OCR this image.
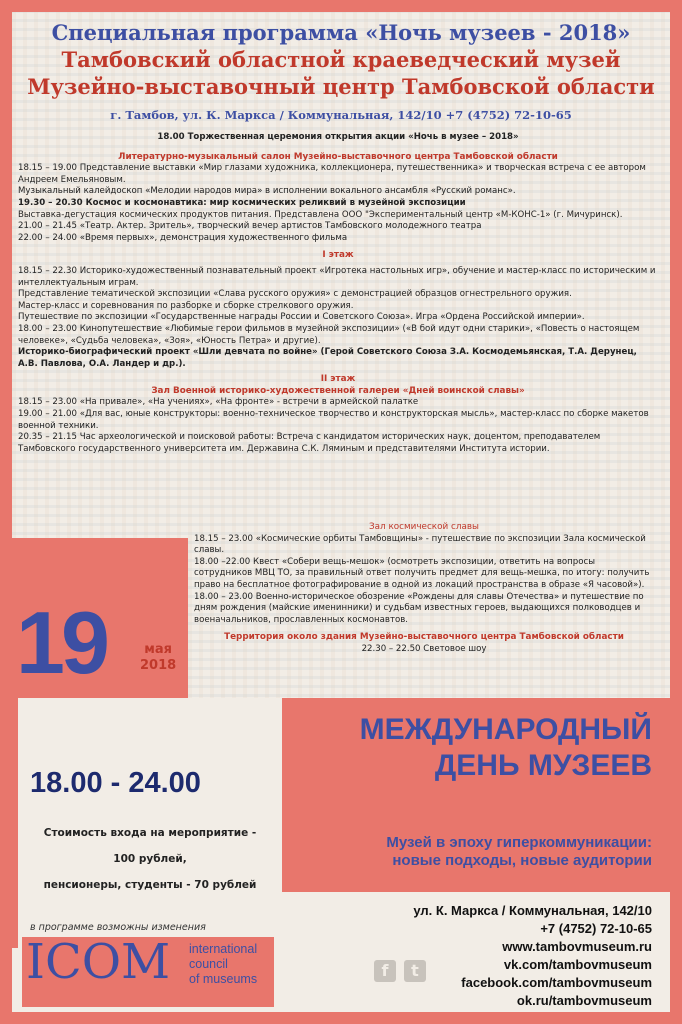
Специальная программа «Ночь музеев - 2018»
Тамбовский областной краеведческий музей
Музейно-выставочный центр Тамбовской области
г. Тамбов, ул. К. Маркса / Коммунальная, 142/10 +7 (4752) 72-10-65
18.00 Торжественная церемония открытия акции «Ночь в музее – 2018»
Литературно-музыкальный салон Музейно-выставочного центра Тамбовской области
18.15 – 19.00 Представление выставки «Мир глазами художника, коллекционера, путешественника» и творческая встреча с ее автором Андреем Емельяновым.
Музыкальный калейдоскоп «Мелодии народов мира» в исполнении вокального ансамбля «Русский романс».
19.30 – 20.30 Космос и космонавтика: мир космических реликвий в музейной экспозиции
Выставка-дегустация космических продуктов питания. Представлена ООО "Экспериментальный центр «М-КОНС-1» (г. Мичуринск).
21.00 – 21.45 «Театр. Актер. Зритель», творческий вечер артистов Тамбовского молодежного театра
22.00 – 24.00 «Время первых», демонстрация художественного фильма
I этаж
18.15 – 22.30 Историко-художественный познавательный проект «Игротека настольных игр», обучение и мастер-класс по историческим и интеллектуальным играм.
Представление тематической экспозиции «Слава русского оружия» с демонстрацией образцов огнестрельного оружия.
Мастер-класс и соревнования по разборке и сборке стрелкового оружия.
Путешествие по экспозиции «Государственные награды России и Советского Союза». Игра «Ордена Российской империи».
18.00 – 23.00 Кинопутешествие «Любимые герои фильмов в музейной экспозиции» («В бой идут одни старики», «Повесть о настоящем человеке», «Судьба человека», «Зоя», «Юность Петра» и другие).
Историко-биографический проект «Шли девчата по войне» (Герой Советского Союза З.А. Космодемьянская, Т.А. Дерунец, А.В. Павлова, О.А. Ландер и др.).
II этаж
Зал Военной историко-художественной галереи «Дней воинской славы»
18.15 – 23.00 «На привале», «На учениях», «На фронте» - встречи в армейской палатке
19.00 – 21.00 «Для вас, юные конструкторы: военно-техническое творчество и конструкторская мысль», мастер-класс по сборке макетов военной техники.
20.35 – 21.15 Час археологической и поисковой работы: Встреча с кандидатом исторических наук, доцентом, преподавателем Тамбовского государственного университета им. Державина С.К. Ляминым и представителями Института истории.
19	мая
2018
Зал космической славы
18.15 – 23.00 «Космические орбиты Тамбовщины» - путешествие по экспозиции Зала космической славы.
18.00 –22.00 Квест «Собери вещь-мешок» (осмотреть экспозиции, ответить на вопросы сотрудников МВЦ ТО, за правильный ответ получить предмет для вещь-мешка, по итогу: получить право на бесплатное фотографирование в одной из локаций пространства в образе «Я часовой»).
18.00 – 23.00 Военно-историческое обозрение «Рождены для славы Отечества» и путешествие по дням рождения (майские именинники) и судьбам известных героев, выдающихся полководцев и военачальников, прославленных космонавтов.
Территория около здания Музейно-выставочного центра Тамбовской области
22.30 – 22.50 Световое шоу
18.00 - 24.00
Стоимость входа на мероприятие -
100 рублей,
пенсионеры, студенты - 70 рублей
в программе возможны изменения
ICOM international
council
of museums
МЕЖДУНАРОДНЫЙ
ДЕНЬ МУЗЕЕВ
Музей в эпоху гиперкоммуникации:
новые подходы, новые аудитории
f	t
ул. К. Маркса / Коммунальная, 142/10
+7 (4752) 72-10-65
www.tambovmuseum.ru
vk.com/tambovmuseum
facebook.com/tambovmuseum
ok.ru/tambovmuseum
